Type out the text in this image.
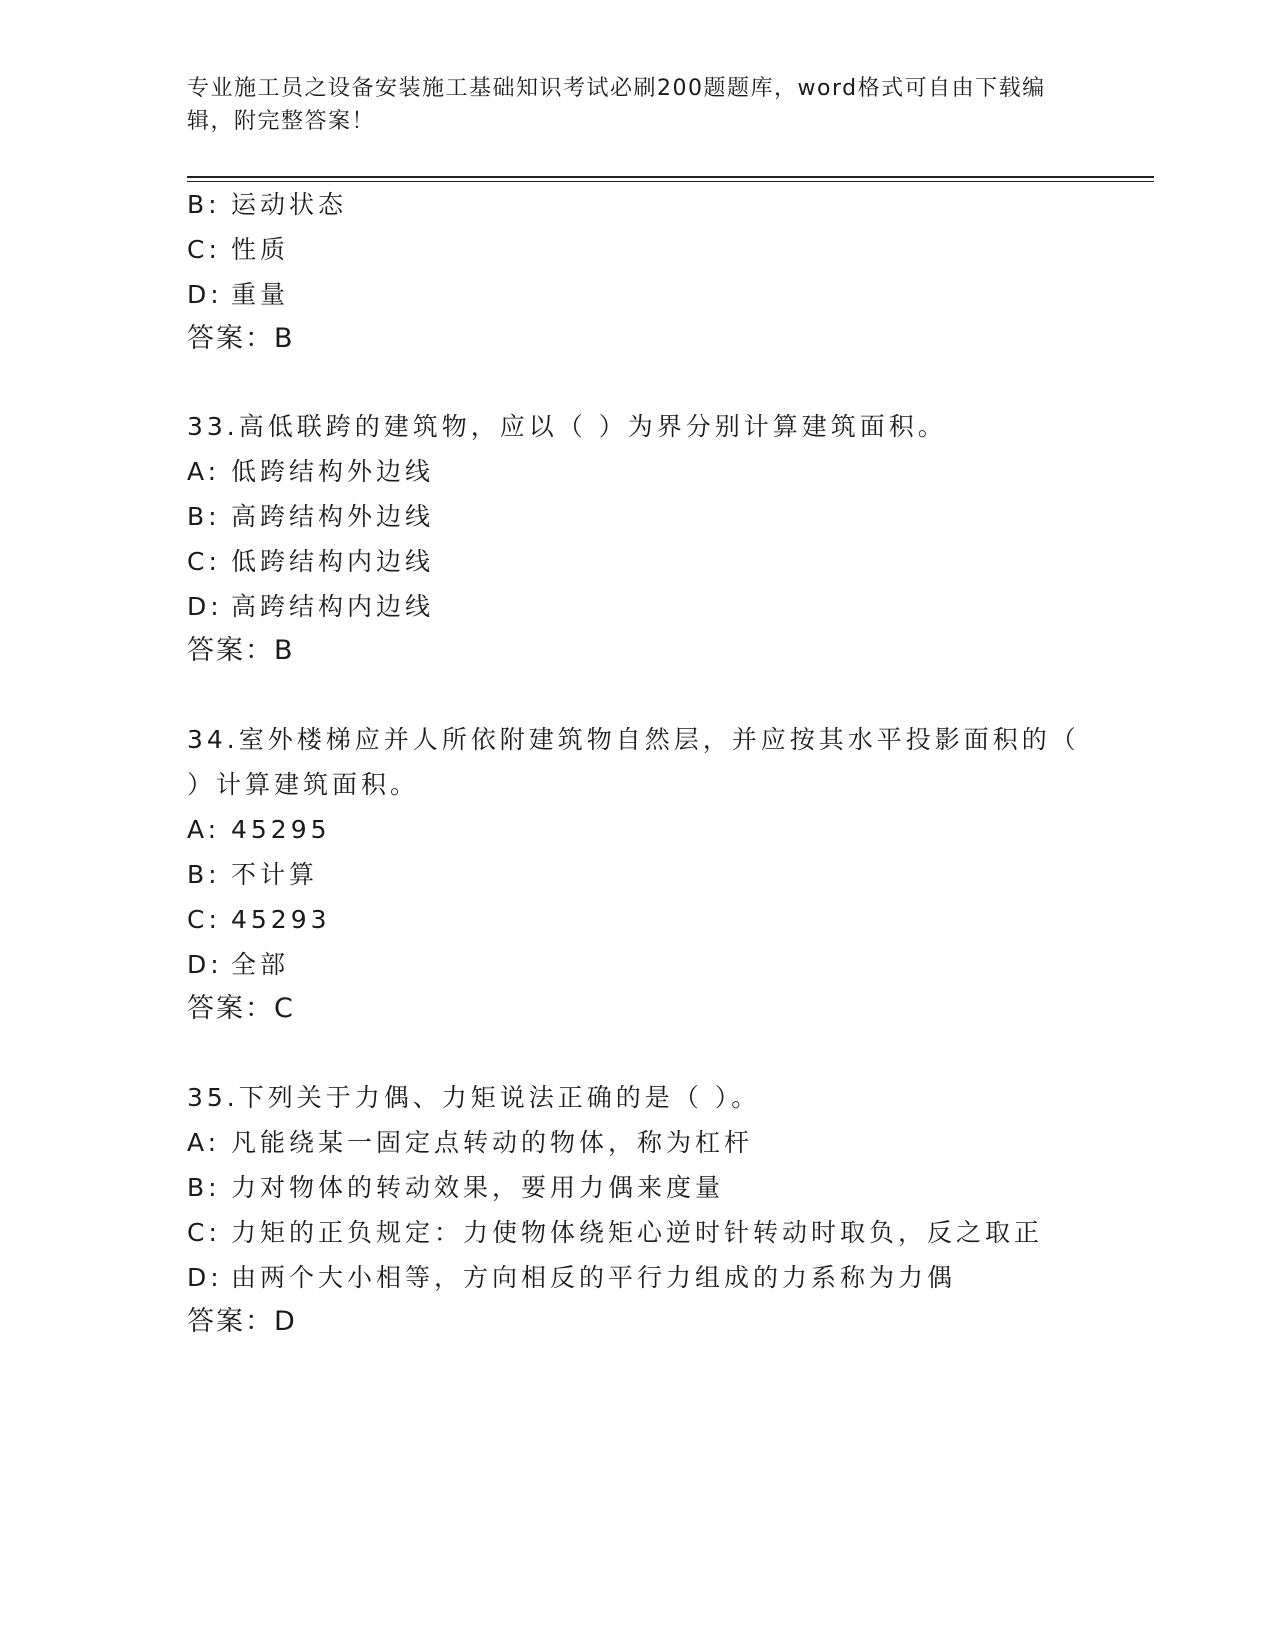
专业施工员之设备安装施工基础知识考试必刷200题题库，word格式可自由下载编辑，附完整答案！
B: 运动状态
C: 性质
D: 重量
答案：B
33.高低联跨的建筑物，应以（ ）为界分别计算建筑面积。
A: 低跨结构外边线
B: 高跨结构外边线
C: 低跨结构内边线
D: 高跨结构内边线
答案：B
34.室外楼梯应并人所依附建筑物自然层，并应按其水平投影面积的（
）计算建筑面积。
A: 45295
B: 不计算
C: 45293
D: 全部
答案：C
35.下列关于力偶、力矩说法正确的是（ ）。
A: 凡能绕某一固定点转动的物体，称为杠杆
B: 力对物体的转动效果，要用力偶来度量
C: 力矩的正负规定：力使物体绕矩心逆时针转动时取负，反之取正
D: 由两个大小相等，方向相反的平行力组成的力系称为力偶
答案：D
